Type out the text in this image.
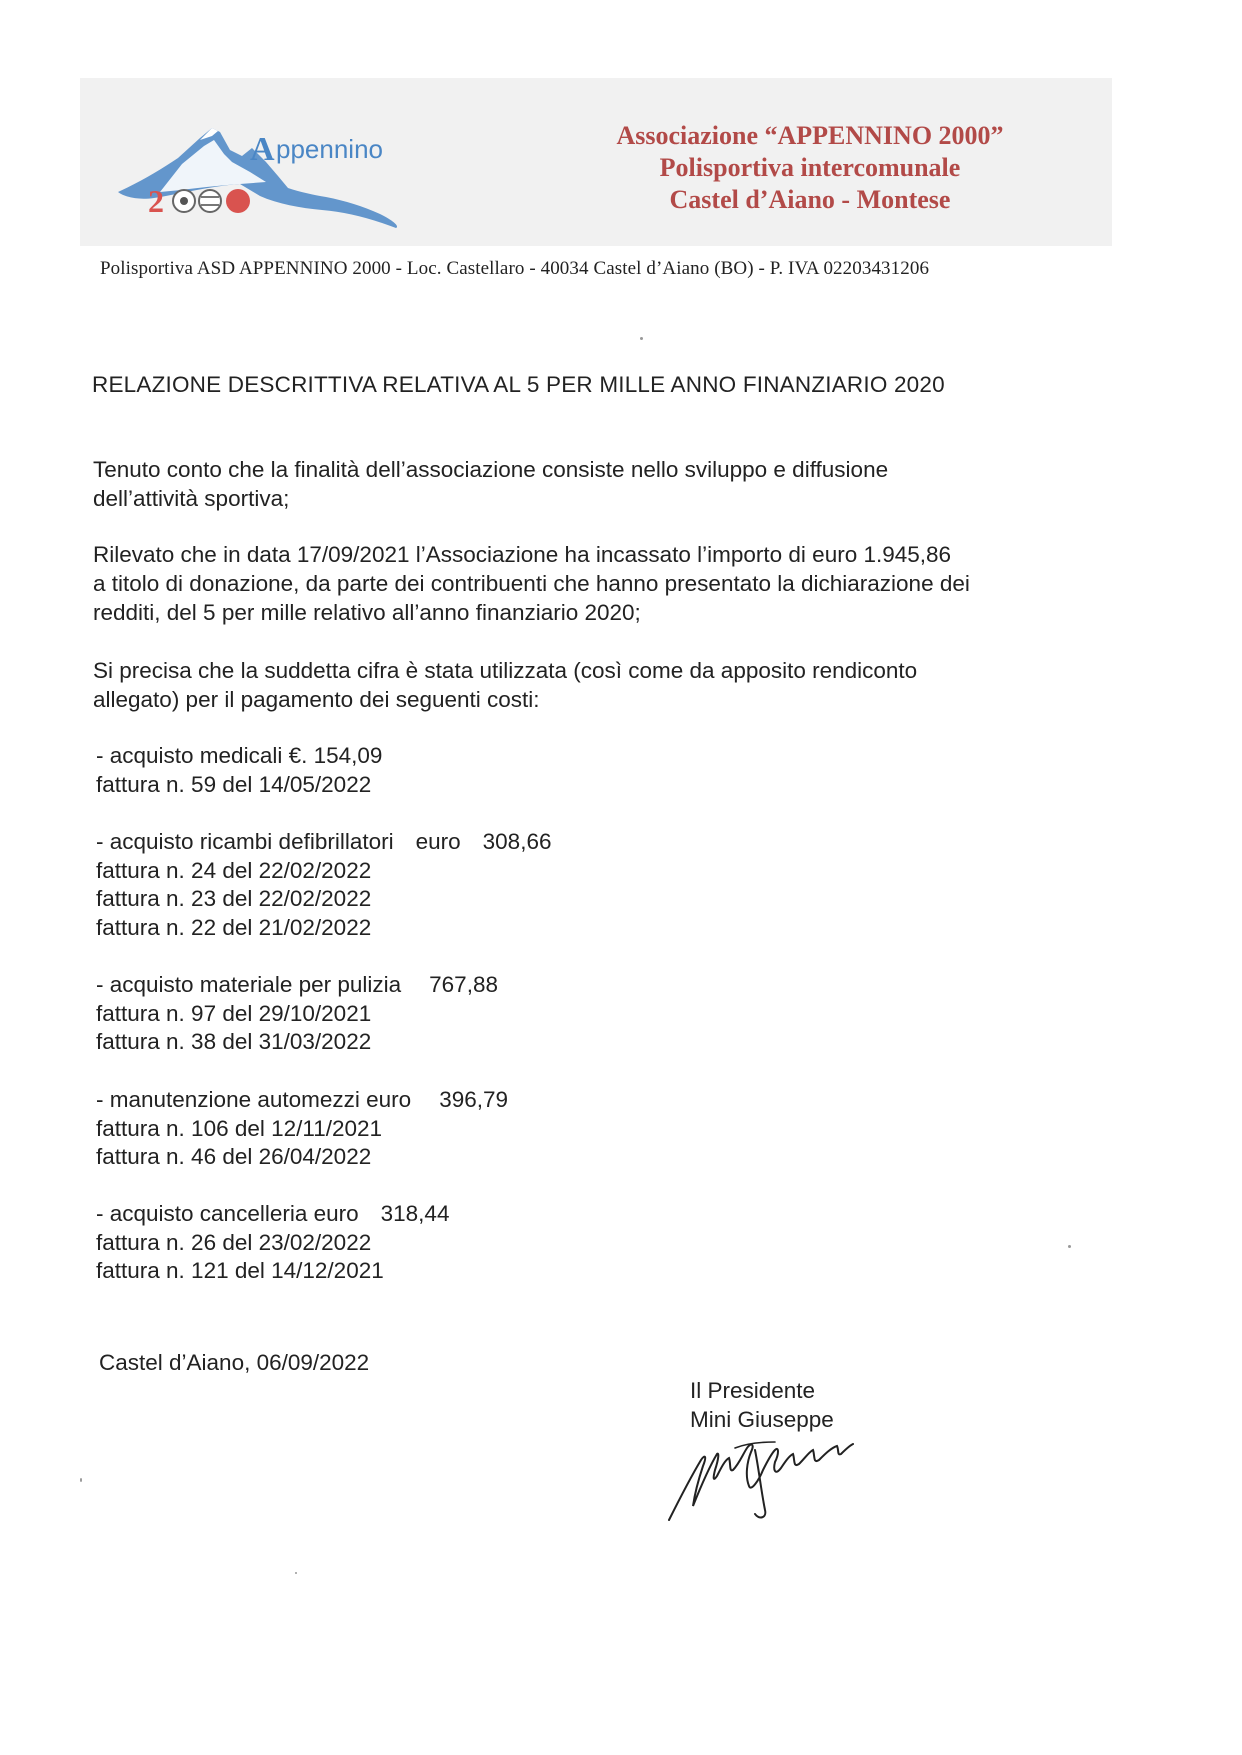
ppennino
A
2
Associazione “APPENNINO 2000”
Polisportiva intercomunale
Castel d’Aiano - Montese
Polisportiva ASD APPENNINO 2000 - Loc. Castellaro - 40034 Castel d’Aiano (BO) - P. IVA 02203431206
RELAZIONE DESCRITTIVA RELATIVA AL 5 PER MILLE ANNO FINANZIARIO 2020
Tenuto conto che la finalità dell’associazione consiste nello sviluppo e diffusione
dell’attività sportiva;
Rilevato che in data 17/09/2021 l’Associazione ha incassato l’importo di euro 1.945,86
a titolo di donazione, da parte dei contribuenti che hanno presentato la dichiarazione dei
redditi, del 5 per mille relativo all’anno finanziario 2020;
Si precisa che la suddetta cifra è stata utilizzata (così come da apposito rendiconto
allegato) per il pagamento dei seguenti costi:
- acquisto medicali €. 154,09
fattura n. 59 del 14/05/2022
- acquisto ricambi defibrillatori euro 308,66
fattura n. 24 del 22/02/2022
fattura n. 23 del 22/02/2022
fattura n. 22 del 21/02/2022
- acquisto materiale per pulizia 767,88
fattura n. 97 del 29/10/2021
fattura n. 38 del 31/03/2022
- manutenzione automezzi euro 396,79
fattura n. 106 del 12/11/2021
fattura n. 46 del 26/04/2022
- acquisto cancelleria euro 318,44
fattura n. 26 del 23/02/2022
fattura n. 121 del 14/12/2021
Castel d’Aiano, 06/09/2022
Il Presidente
Mini Giuseppe
